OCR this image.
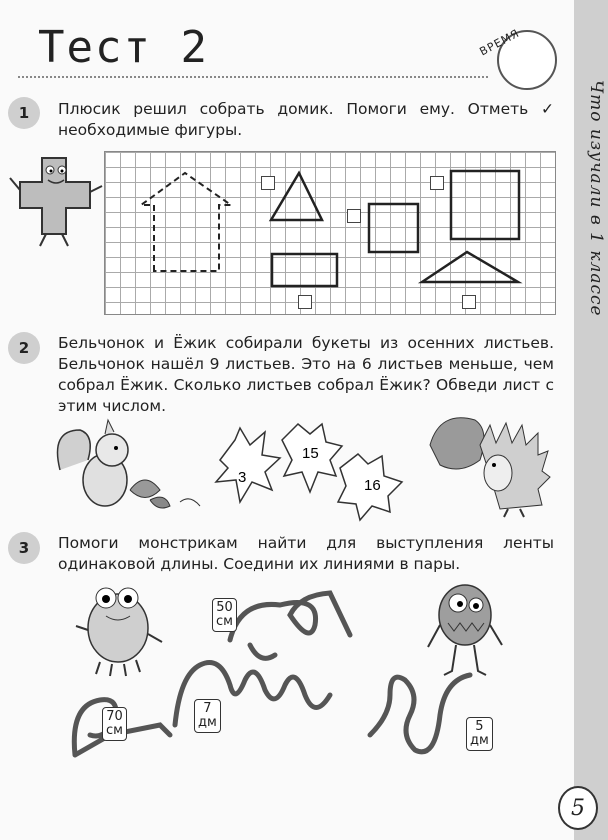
Что изучали в 1 классе
Тест 2	ВРЕМЯ
1	Плюсик решил собрать домик. Помоги ему. Отметь ✓ необходимые фигуры.
2	Бельчонок и Ёжик собирали букеты из осенних листьев. Бельчонок нашёл 9 листьев. Это на 6 листьев меньше, чем собрал Ёжик. Сколько листьев собрал Ёжик? Обведи лист с этим числом.
3
15
16
3	Помоги монстрикам найти для выступления ленты одинаковой длины. Соедини их линиями в пары.
50
см
7
дм
70
см	5
дм
5
